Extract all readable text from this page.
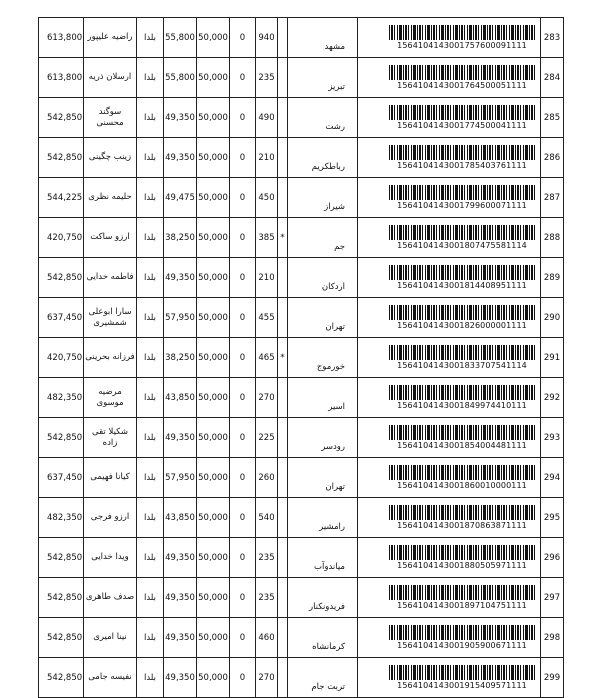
613,800	راضیه علیپور	بلدا	55,800	50,000	0	940		مشهد	1564104143001757600091111	283
613,800	ارسلان ذریه	بلدا	55,800	50,000	0	235		تبریز	1564104143001764500051111	284
542,850	سوگند محسنی	بلدا	49,350	50,000	0	490		رشت	1564104143001774500041111	285
542,850	زینب چگینی	بلدا	49,350	50,000	0	210		رباطکریم	1564104143001785403761111	286
544,225	حلیمه نظری	بلدا	49,475	50,000	0	450		شیراز	1564104143001799600071111	287
420,750	ارزو ساکت	بلدا	38,250	50,000	0	385	*	جم	1564104143001807475581114	288
542,850	فاطمه خدایی	بلدا	49,350	50,000	0	210		اردکان	1564104143001814408951111	289
637,450	سارا ابوعلی شمشیری	بلدا	57,950	50,000	0	455		تهران	1564104143001826000001111	290
420,750	فرزانه بحرینی	بلدا	38,250	50,000	0	465	*	خورموج	1564104143001833707541114	291
482,350	مرضیه موسوی	بلدا	43,850	50,000	0	270		اسیر	1564104143001849974410111	292
542,850	شکیلا تقی زاده	بلدا	49,350	50,000	0	225		رودسر	1564104143001854004481111	293
637,450	کیانا فهیمی	بلدا	57,950	50,000	0	260		تهران	1564104143001860010000111	294
482,350	ارزو فرجی	بلدا	43,850	50,000	0	540		رامشیر	1564104143001870863871111	295
542,850	ویدا خدایی	بلدا	49,350	50,000	0	235		میاندوآب	1564104143001880505971111	296
542,850	صدف طاهری	بلدا	49,350	50,000	0	235		فریدونکنار	1564104143001897104751111	297
542,850	نینا امیری	بلدا	49,350	50,000	0	460		کرمانشاه	1564104143001905900671111	298
542,850	نفیسه جامی	بلدا	49,350	50,000	0	270		تربت جام	1564104143001915409571111	299
